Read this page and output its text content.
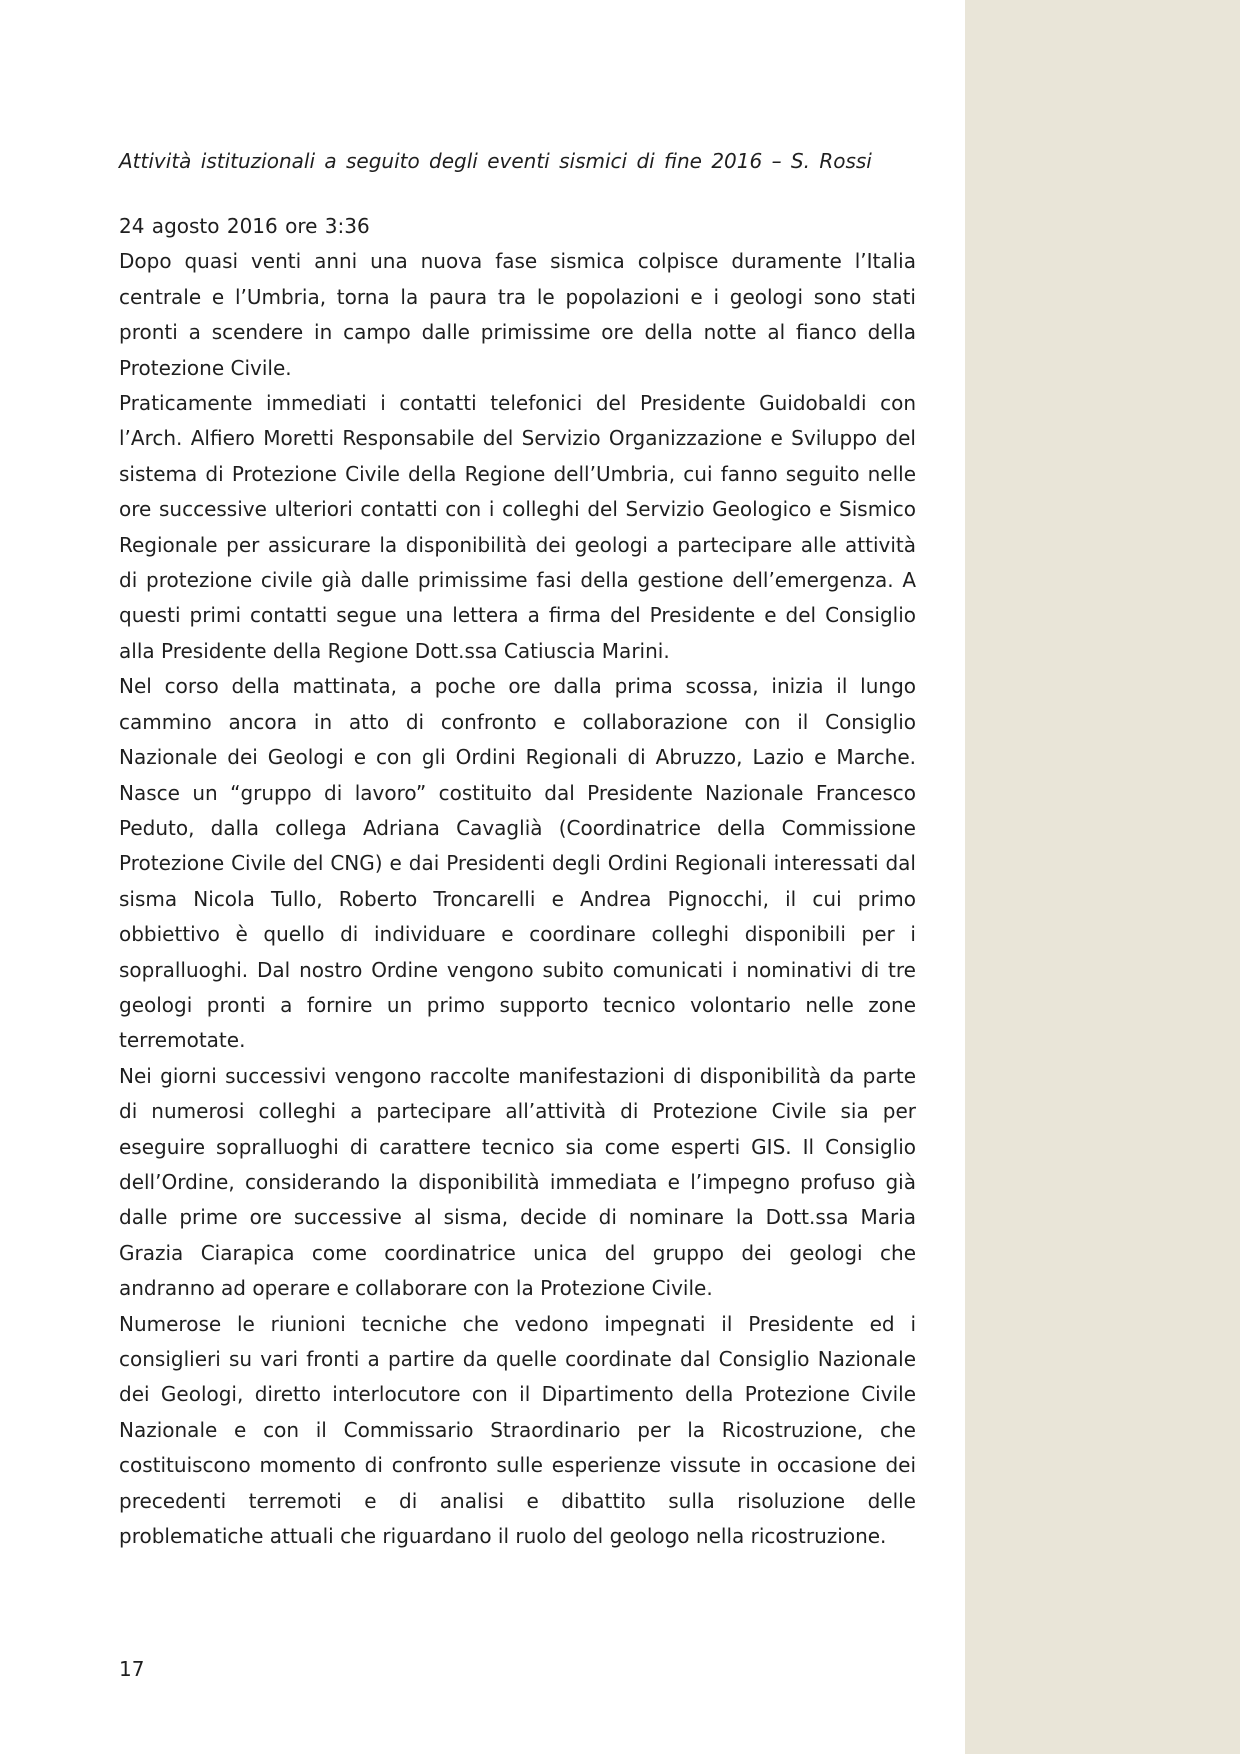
Attività istituzionali a seguito degli eventi sismici di fine 2016 – S. Rossi

24 agosto 2016 ore 3:36

Dopo quasi venti anni una nuova fase sismica colpisce duramente l’Italia centrale e l’Umbria, torna la paura tra le popolazioni e i geologi sono stati pronti a scendere in campo dalle primissime ore della notte al fianco della Protezione Civile.

Praticamente immediati i contatti telefonici del Presidente Guidobaldi con l’Arch. Alfiero Moretti Responsabile del Servizio Organizzazione e Sviluppo del sistema di Protezione Civile della Regione dell’Umbria, cui fanno seguito nelle ore successive ulteriori contatti con i colleghi del Servizio Geologico e Sismico Regionale per assicurare la disponibilità dei geologi a partecipare alle attività di protezione civile già dalle primissime fasi della gestione dell’emergenza. A questi primi contatti segue una lettera a firma del Presidente e del Consiglio alla Presidente della Regione Dott.ssa Catiuscia Marini.

Nel corso della mattinata, a poche ore dalla prima scossa, inizia il lungo cammino ancora in atto di confronto e collaborazione con il Consiglio Nazionale dei Geologi e con gli Ordini Regionali di Abruzzo, Lazio e Marche. Nasce un “gruppo di lavoro” costituito dal Presidente Nazionale Francesco Peduto, dalla collega Adriana Cavaglià (Coordinatrice della Commissione Protezione Civile del CNG) e dai Presidenti degli Ordini Regionali interessati dal sisma Nicola Tullo, Roberto Troncarelli e Andrea Pignocchi, il cui primo obbiettivo è quello di individuare e coordinare colleghi disponibili per i sopralluoghi. Dal nostro Ordine vengono subito comunicati i nominativi di tre geologi pronti a fornire un primo supporto tecnico volontario nelle zone terremotate.

Nei giorni successivi vengono raccolte manifestazioni di disponibilità da parte di numerosi colleghi a partecipare all’attività di Protezione Civile sia per eseguire sopralluoghi di carattere tecnico sia come esperti GIS. Il Consiglio dell’Ordine, considerando la disponibilità immediata e l’impegno profuso già dalle prime ore successive al sisma, decide di nominare la Dott.ssa Maria Grazia Ciarapica come coordinatrice unica del gruppo dei geologi che andranno ad operare e collaborare con la Protezione Civile.

Numerose le riunioni tecniche che vedono impegnati il Presidente ed i consiglieri su vari fronti a partire da quelle coordinate dal Consiglio Nazionale dei Geologi, diretto interlocutore con il Dipartimento della Protezione Civile Nazionale e con il Commissario Straordinario per la Ricostruzione, che costituiscono momento di confronto sulle esperienze vissute in occasione dei precedenti terremoti e di analisi e dibattito sulla risoluzione delle problematiche attuali che riguardano il ruolo del geologo nella ricostruzione.

17
